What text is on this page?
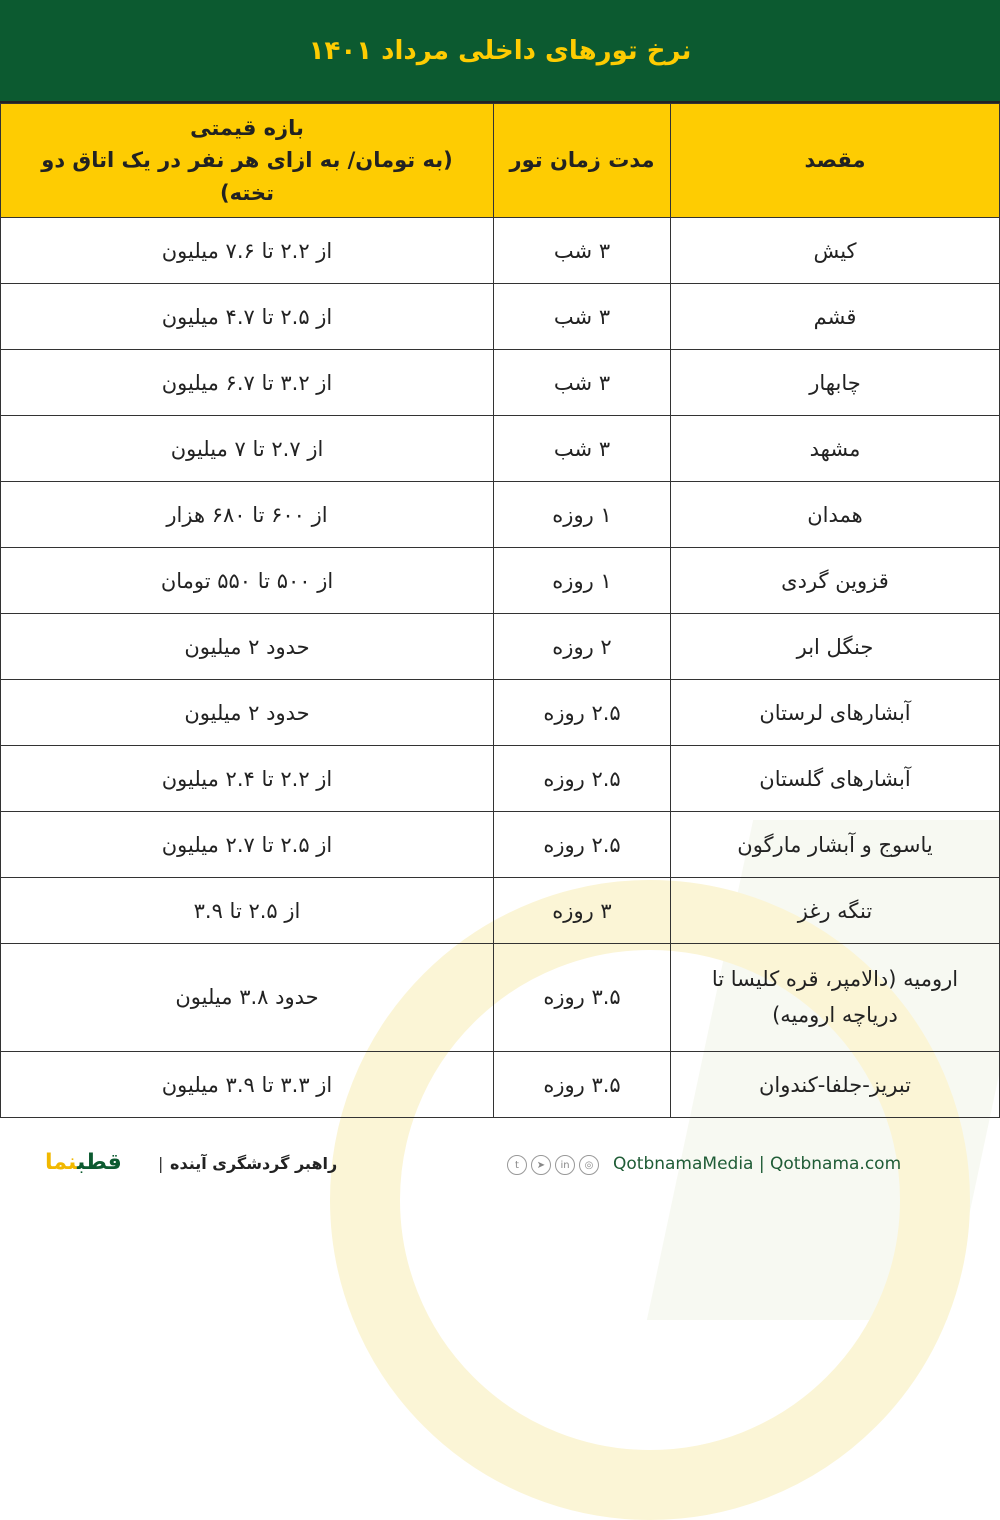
نرخ تورهای داخلی مرداد ۱۴۰۱
مقصد	مدت زمان تور	بازه قیمتی
(به تومان/ به ازای هر نفر در یک اتاق دو تخته)
کیش	۳ شب	از ۲.۲ تا ۷.۶ میلیون
قشم	۳ شب	از ۲.۵ تا ۴.۷ میلیون
چابهار	۳ شب	از ۳.۲ تا ۶.۷ میلیون
مشهد	۳ شب	از ۲.۷ تا ۷ میلیون
همدان	۱ روزه	از ۶۰۰ تا ۶۸۰ هزار
قزوین گردی	۱ روزه	از ۵۰۰ تا ۵۵۰ تومان
جنگل ابر	۲ روزه	حدود ۲ میلیون
آبشارهای لرستان	۲.۵ روزه	حدود ۲ میلیون
آبشارهای گلستان	۲.۵ روزه	از ۲.۲ تا ۲.۴ میلیون
یاسوج و آبشار مارگون	۲.۵ روزه	از ۲.۵ تا ۲.۷ میلیون
تنگه رغز	۳ روزه	از ۲.۵ تا ۳.۹
ارومیه (دالامپر، قره کلیسا تا دریاچه ارومیه)	۳.۵ روزه	حدود ۳.۸ میلیون
تبریز-جلفا-کندوان	۳.۵ روزه	از ۳.۳ تا ۳.۹ میلیون
قطبنما	| راهبر گردشگری آینده	t	➤	in	◎	QotbnamaMedia | Qotbnama.com
